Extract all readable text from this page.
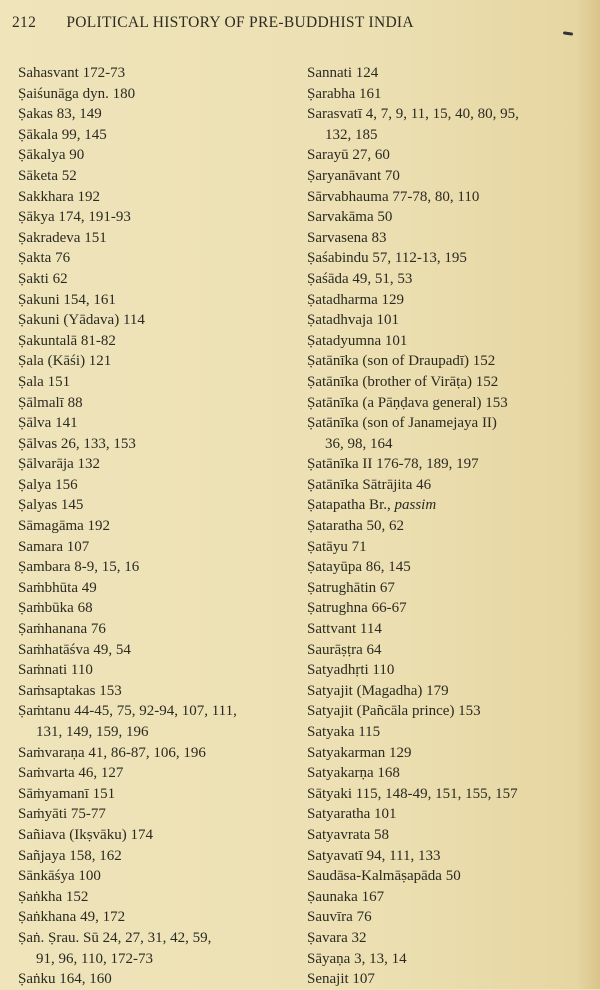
212 POLITICAL HISTORY OF PRE-BUDDHIST INDIA
Sahasvant 172-73
Ṣaiśunāga dyn. 180
Ṣakas 83, 149
Ṣākala 99, 145
Ṣākalya 90
Sāketa 52
Sakkhara 192
Ṣākya 174, 191-93
Ṣakradeva 151
Ṣakta 76
Ṣakti 62
Ṣakuni 154, 161
Ṣakuni (Yādava) 114
Ṣakuntalā 81-82
Ṣala (Kāśi) 121
Ṣala 151
Ṣālmalī 88
Ṣālva 141
Ṣālvas 26, 133, 153
Ṣālvarāja 132
Ṣalya 156
Ṣalyas 145
Sāmagāma 192
Samara 107
Ṣambara 8-9, 15, 16
Saṁbhūta 49
Ṣaṁbūka 68
Ṣaṁhanana 76
Saṁhatāśva 49, 54
Saṁnati 110
Saṁsaptakas 153
Ṣaṁtanu 44-45, 75, 92-94, 107, 111,
131, 149, 159, 196
Saṁvaraṇa 41, 86-87, 106, 196
Saṁvarta 46, 127
Sāṁyamanī 151
Saṁyāti 75-77
Sañiava (Ikṣvāku) 174
Sañjaya 158, 162
Sānkāśya 100
Ṣaṅkha 152
Ṣaṅkhana 49, 172
Ṣaṅ. Ṣrau. Sū 24, 27, 31, 42, 59,
91, 96, 110, 172-73
Ṣaṅku 164, 160
Sannati 124
Ṣarabha 161
Sarasvatī 4, 7, 9, 11, 15, 40, 80, 95,
132, 185
Sarayū 27, 60
Ṣaryanāvant 70
Sārvabhauma 77-78, 80, 110
Sarvakāma 50
Sarvasena 83
Ṣaśabindu 57, 112-13, 195
Ṣaśāda 49, 51, 53
Ṣatadharma 129
Ṣatadhvaja 101
Ṣatadyumna 101
Ṣatānīka (son of Draupadī) 152
Ṣatānīka (brother of Virāṭa) 152
Ṣatānīka (a Pāṇḍava general) 153
Ṣatānīka (son of Janamejaya II)
36, 98, 164
Ṣatānīka II 176-78, 189, 197
Ṣatānīka Sātrājita 46
Ṣatapatha Br., passim
Ṣataratha 50, 62
Ṣatāyu 71
Ṣatayūpa 86, 145
Ṣatrughātin 67
Ṣatrughna 66-67
Sattvant 114
Saurāṣṭra 64
Satyadhṛti 110
Satyajit (Magadha) 179
Satyajit (Pañcāla prince) 153
Satyaka 115
Satyakarman 129
Satyakarṇa 168
Sātyaki 115, 148-49, 151, 155, 157
Satyaratha 101
Satyavrata 58
Satyavatī 94, 111, 133
Saudāsa-Kalmāṣapāda 50
Ṣaunaka 167
Sauvīra 76
Ṣavara 32
Sāyaṇa 3, 13, 14
Senajit 107
